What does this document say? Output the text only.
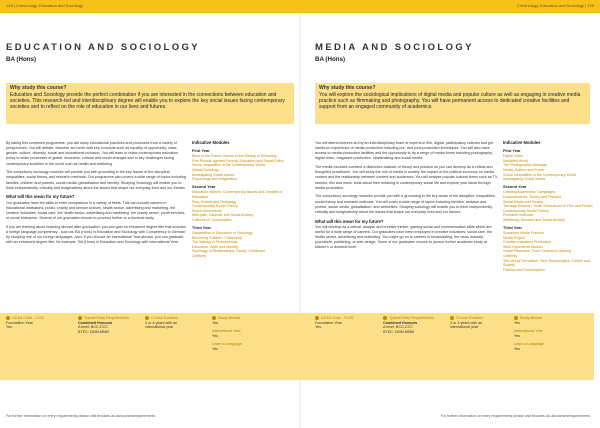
128 | Criminology, Education and Sociology
EDUCATION AND SOCIOLOGY
BA (Hons)
Why study this course?
Education and Sociology provide the perfect combination if you are interested in the connections between education and societies. This research-led and interdisciplinary degree will enable you to explore the key social issues facing contemporary societies and to reflect on the role of education in our lives and futures.

By taking this combined programme, you will study educational practices and processes from a variety of perspectives. You will debate, describe and work with key concepts such as equality of opportunity, class, gender, culture, diversity, social and educational inclusion. You will learn to relate contemporary education policy to wider processes of global, economic, cultural and social changes and to key challenges facing contemporary societies in the world such as health and wellbeing.

The compulsory sociology modules will provide you with grounding in the key issues of the discipline: inequalities, social theory, and research methods. Our programme also covers a wide range of topics including families, children and parents, social media, globalisation and identity. Studying Sociology will enable you to think independently, critically and imaginatively about the issues that shape our everyday lives and our futures.

What will this mean for my future?

Our graduates have the skills to enter occupations in a variety of fields. This can include careers in educational institutions, public, charity and service sectors, health sector, advertising and marketing, the creative industries, social care, the health sector, advertising and marketing, the charity sector, youth services, or social enterprise. Several of our graduates choose to proceed further to a doctoral study.

If you are thinking about teaching abroad after graduation, you can gain an enhanced degree title that includes a foreign language competency - such as 'BA (Hons) in Education and Sociology with Competency in German' by studying one of our foreign languages. Also, if you choose an International Year abroad, you can graduate with an enhanced degree title, for example, 'BA (Hons) in Education and Sociology with International Year'.

Indicative Modules
First Year
Back to the Future: Issues in the History of Schooling
Five Pounds against Poverty, Education and Social Policy
Social Inequalities in the Contemporary World
Global Sociology
Investigating Social Issues
Psychology and Imagination
Second Year
Education Matters: Contemporary Issues and Debates in Education
Play, Protest and Pedagogy
Contemporary Social Theory
Social Movements
Well-path, Disorder and Social Anxiety
Cultures of Consumption
Third Year
Dissertation in Education or Sociology
Becoming Children: Citizenship
The Making of Professionals
Education, Work and Identity
Sociology of Relationships, Family, Childhood
Celebrity
UCAS Code - LX33
Foundation Year
Yes
Typical Entry Requirements
Combined Honours
A level: BCC-CCC
BTEC: DMM-MMM
Course Duration
3 or 4 years with an
international year
Study abroad
Yes
International Year
Yes
Learn a Language
Yes
For further information on entry requirements please visit brookes.ac.uk/courses/requirements
Criminology, Education and Sociology | 129
MEDIA AND SOCIOLOGY
BA (Hons)
Why study this course?
You will explore the sociological implications of digital media and popular culture as well as engaging in creative media practice such as filmmaking and photography. You will have permanent access to dedicated creative facilities and support from an engaged community of academics.

You will attend lectures led by an interdisciplinary team of experts in film, digital, participatory cultures and get hands-on experience of media production including pre- and post-production techniques. You will also have access to media production facilities and the opportunity to try a range of media forms including photography, digital video, magazine production, newsmaking and social media.

The media modules combine a distinctive balance of theory and practice so you can develop as a critical and thoughtful practitioner. You will study the role of media in society, the impact of the political economy on media content and the relationship between content and audiences. You will analyse popular cultural forms such as TV, memes, film and news, think about their meaning in contemporary social life and explore your ideas through media production.

The compulsory sociology modules provide you with a grounding in the key areas of the discipline: inequalities, social theory and research methods. You will cover a wide range of topics including families, activism and protest, social media, globalisation, and celebrities. Studying sociology will enable you to think independently, critically and imaginatively about the issues that shape our everyday lives and our futures.

What will this mean for my future?

You will develop as a critical, analytic and creative thinker, gaining social and communication skills which are useful for a wide range of careers. Our graduates have been employed in creative industries, social care, the health sector, advertising and marketing. You might go on to careers in broadcasting, the news industry, journalism, publishing, or web design. Some of our graduates choose to pursue further academic study at Master's or doctoral level.

Indicative Modules
First Year
Digital Video
Mediated World
The Photographic Message
Media, Culture and Power
Social Inequalities in the Contemporary World
Investigating Social Issues
Second Year
Creating Awareness: Campaigns
Documentaries: Theory and Practice
Social Media and Society
Teenage Dreams? Youth Subcultures in Film and Fiction
Contemporary Social Theory
Research Methods
Wellbeing, Disorder and Social Anxiety
Third Year
Sustained Media Practice
Media Project
Creative Industries Production
Work Experience Module
Visual Pleasures: From Cinema to Gaming
Celebrity
The Virtual Revolution: New Technologies, Culture and Society
Fashion and Consumption
UCAS Code - PL3S
Foundation Year
Yes
Typical Entry Requirements
Combined Honours
A level: BCC-CCC
BTEC: DMM-MMM
Course Duration
3 or 4 years with an
international year
Study abroad
Yes
International Year
Yes
Learn a Language
Yes
For further information on entry requirements please visit brookes.ac.uk/courses/requirements
